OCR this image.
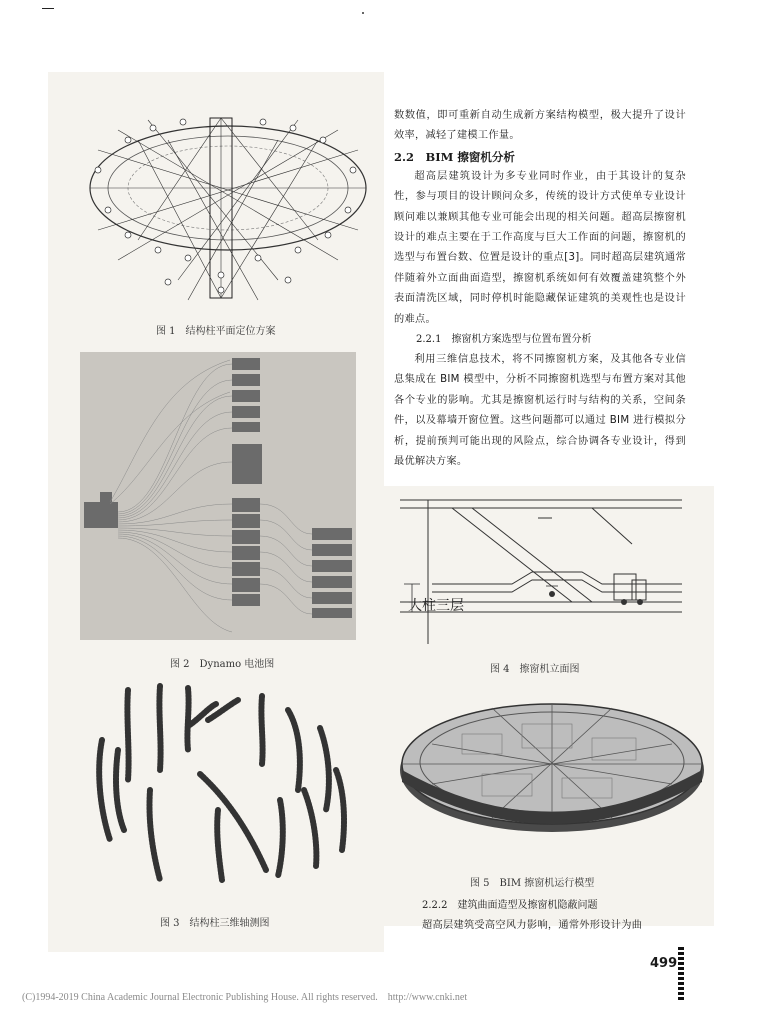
图 1　结构柱平面定位方案
图 2　Dynamo 电池图
图 3　结构柱三维轴测图

数数值，即可重新自动生成新方案结构模型，极大提升了设计效率，减轻了建模工作量。

2.2　BIM 擦窗机分析

超高层建筑设计为多专业同时作业，由于其设计的复杂性，参与项目的设计顾问众多，传统的设计方式使单专业设计顾问难以兼顾其他专业可能会出现的相关问题。超高层擦窗机设计的难点主要在于工作高度与巨大工作面的问题，擦窗机的选型与布置台数、位置是设计的重点[3]。同时超高层建筑通常伴随着外立面曲面造型，擦窗机系统如何有效覆盖建筑整个外表面清洗区域，同时停机时能隐藏保证建筑的美观性也是设计的难点。

2.2.1　擦窗机方案选型与位置布置分析

利用三维信息技术，将不同擦窗机方案，及其他各专业信息集成在 BIM 模型中，分析不同擦窗机选型与布置方案对其他各个专业的影响。尤其是擦窗机运行时与结构的关系，空间条件，以及幕墙开窗位置。这些问题都可以通过 BIM 进行模拟分析，提前预判可能出现的风险点，综合协调各专业设计，得到最优解决方案。

大柱三层
图 4　擦窗机立面图
图 5　BIM 擦窗机运行模型

2.2.2　建筑曲面造型及擦窗机隐蔽问题

超高层建筑受高空风力影响，通常外形设计为曲

499
(C)1994-2019 China Academic Journal Electronic Publishing House. All rights reserved.　http://www.cnki.net
